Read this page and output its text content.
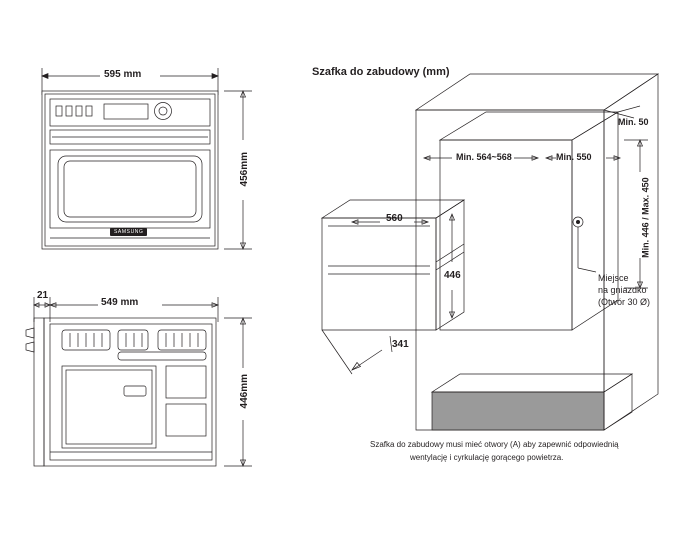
595 mm
456mm
21
549 mm
446mm
SAMSUNG
Szafka do zabudowy (mm)
Min. 50
Min. 564~568	Min. 550
Min. 446 / Max. 450
560
446
341
Miejsce
na gniazdko
(Otwór 30 Ø)
Szafka do zabudowy musi mieć otwory (A) aby zapewnić odpowiednią
wentylację i cyrkulację gorącego powietrza.
